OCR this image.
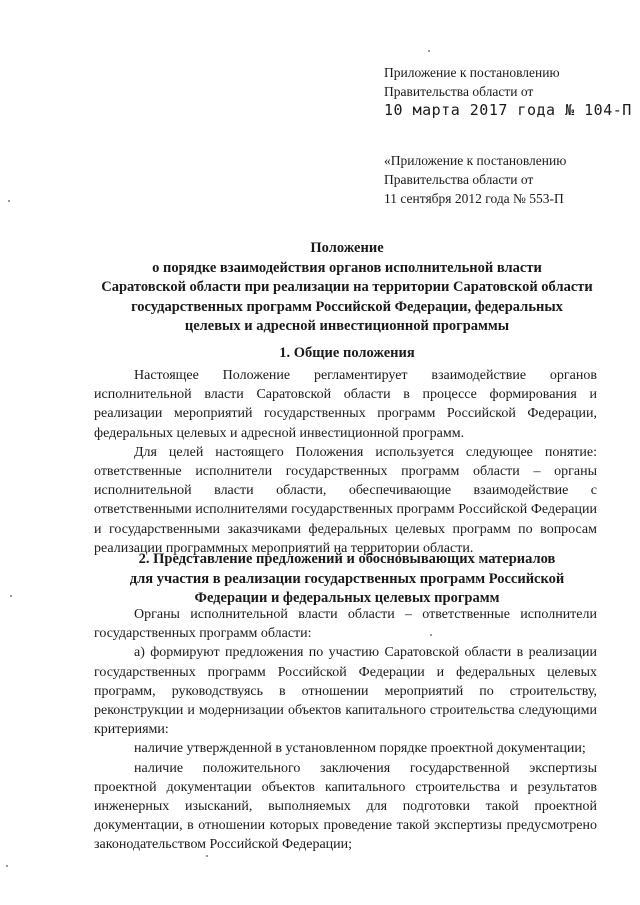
Приложение к постановлению
Правительства области от
10 марта 2017 года № 104-П
«Приложение к постановлению
Правительства области от
11 сентября 2012 года № 553-П
Положение
о порядке взаимодействия органов исполнительной власти
Саратовской области при реализации на территории Саратовской области
государственных программ Российской Федерации, федеральных
целевых и адресной инвестиционной программы
1. Общие положения

Настоящее Положение регламентирует взаимодействие органов исполнительной власти Саратовской области в процессе формирования и реализации мероприятий государственных программ Российской Федерации, федеральных целевых и адресной инвестиционной программ.

Для целей настоящего Положения используется следующее понятие: ответственные исполнители государственных программ области – органы исполнительной власти области, обеспечивающие взаимодействие с ответственными исполнителями государственных программ Российской Федерации и государственными заказчиками федеральных целевых программ по вопросам реализации программных мероприятий на территории области.

2. Представление предложений и обосновывающих материалов
для участия в реализации государственных программ Российской
Федерации и федеральных целевых программ

Органы исполнительной власти области – ответственные исполнители государственных программ области:

а) формируют предложения по участию Саратовской области в реализации государственных программ Российской Федерации и федеральных целевых программ, руководствуясь в отношении мероприятий по строительству, реконструкции и модернизации объектов капитального строительства следующими критериями:

наличие утвержденной в установленном порядке проектной документации;

наличие положительного заключения государственной экспертизы проектной документации объектов капитального строительства и результатов инженерных изысканий, выполняемых для подготовки такой проектной документации, в отношении которых проведение такой экспертизы предусмотрено законодательством Российской Федерации;
